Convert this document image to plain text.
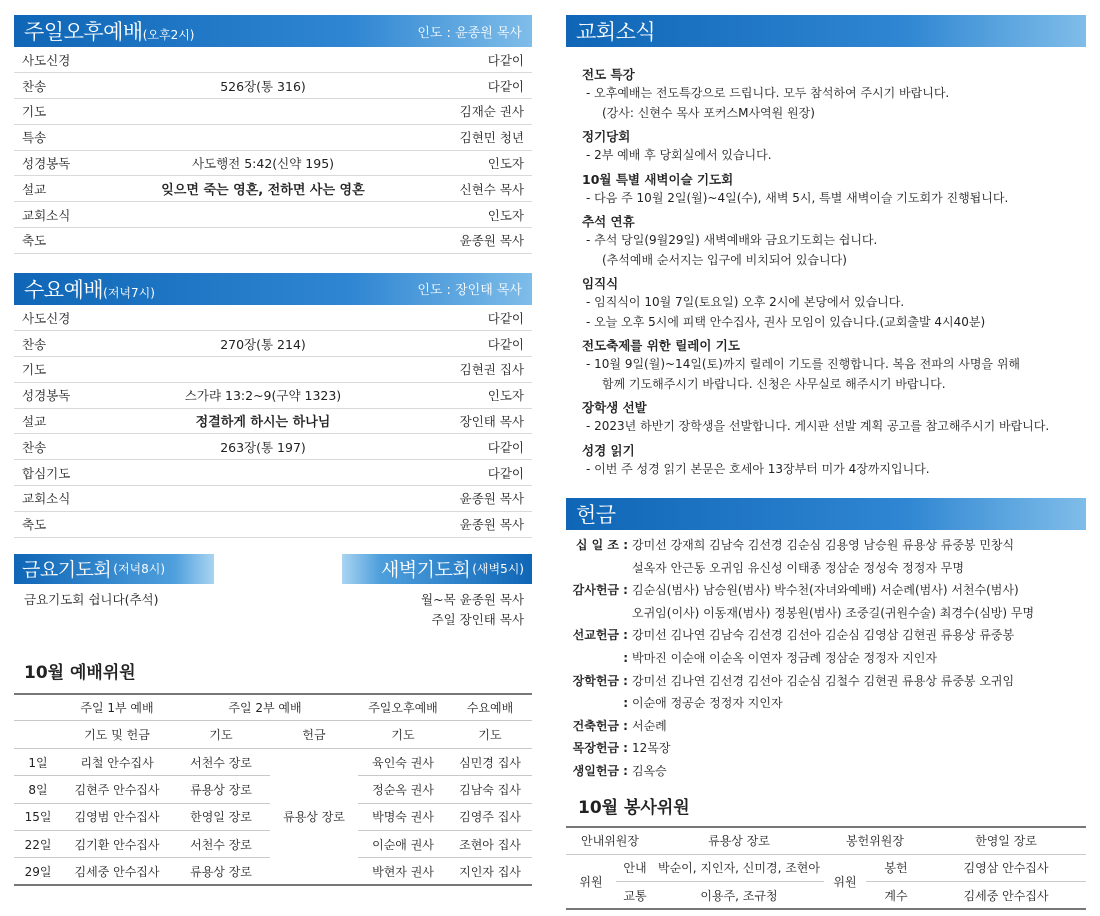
주일오후예배(오후2시)	인도 : 윤종원 목사
사도신경		다같이
찬송	526장(통 316)	다같이
기도		김재순 권사
특송		김현민 청년
성경봉독	사도행전 5:42(신약 195)	인도자
설교	잊으면 죽는 영혼, 전하면 사는 영혼	신현수 목사
교회소식		인도자
축도		윤종원 목사
수요예배(저녁7시)	인도 : 장인태 목사
사도신경		다같이
찬송	270장(통 214)	다같이
기도		김현권 집사
성경봉독	스가랴 13:2~9(구약 1323)	인도자
설교	정결하게 하시는 하나님	장인태 목사
찬송	263장(통 197)	다같이
합심기도		다같이
교회소식		윤종원 목사
축도		윤종원 목사
금요기도회 (저녁8시)	새벽기도회 (새벽5시)
금요기도회 쉽니다(추석)	월~목 윤종원 목사
주일 장인태 목사
10월 예배위원
	주일 1부 예배	주일 2부 예배		주일오후예배	수요예배
	기도 및 헌금	기도	헌금	기도	기도
1일	리철 안수집사	서천수 장로	류용상 장로	육인숙 권사	심민경 집사
8일	김현주 안수집사	류용상 장로		정순옥 권사	김남숙 집사
15일	김영범 안수집사	한영일 장로		박명숙 권사	김영주 집사
22일	김기환 안수집사	서천수 장로		이순애 권사	조현아 집사
29일	김세중 안수집사	류용상 장로		박현자 권사	지인자 집사
교회소식
전도 특강
- 오후예배는 전도특강으로 드립니다. 모두 참석하여 주시기 바랍니다.
(강사: 신현수 목사 포커스M사역원 원장)
정기당회
- 2부 예배 후 당회실에서 있습니다.
10월 특별 새벽이슬 기도회
- 다음 주 10월 2일(월)~4일(수), 새벽 5시, 특별 새벽이슬 기도회가 진행됩니다.
추석 연휴
- 추석 당일(9월29일) 새벽예배와 금요기도회는 쉽니다.
(추석예배 순서지는 입구에 비치되어 있습니다)
임직식
- 임직식이 10월 7일(토요일) 오후 2시에 본당에서 있습니다.
- 오늘 오후 5시에 피택 안수집사, 권사 모임이 있습니다.(교회출발 4시40분)
전도축제를 위한 릴레이 기도
- 10월 9일(월)~14일(토)까지 릴레이 기도를 진행합니다. 복음 전파의 사명을 위해
함께 기도해주시기 바랍니다. 신청은 사무실로 해주시기 바랍니다.
장학생 선발
- 2023년 하반기 장학생을 선발합니다. 게시판 선발 계획 공고를 참고해주시기 바랍니다.
성경 읽기
- 이번 주 성경 읽기 본문은 호세아 13장부터 미가 4장까지입니다.
헌금
십 일 조 : 강미선 강재희 김남숙 김선경 김순심 김용영 남승원 류용상 류중봉 민창식
설옥자 안근동 오귀임 유신성 이태종 정삼순 정성숙 정정자 무명
감사헌금 : 김순심(범사) 남승원(범사) 박수천(자녀와예배) 서순례(범사) 서천수(범사)
오귀임(이사) 이동재(범사) 정봉원(범사) 조중길(귀원수술) 최경수(심방) 무명
선교헌금 : 강미선 김나연 김남숙 김선경 김선아 김순심 김영삼 김현권 류용상 류중봉
: 박마진 이순애 이순옥 이연자 정금례 정삼순 정정자 지인자
장학헌금 : 강미선 김나연 김선경 김선아 김순심 김철수 김현권 류용상 류중봉 오귀임
: 이순애 정공순 정정자 지인자
건축헌금 : 서순례
목장헌금 : 12목장
생일헌금 : 김옥승
10월 봉사위원
안내위원장		류용상 장로	봉헌위원장		한영일 장로
위원	안내	박순이, 지인자, 신미경, 조현아	위원	봉헌	김영삼 안수집사
	교통	이용주, 조규청		계수	김세중 안수집사
